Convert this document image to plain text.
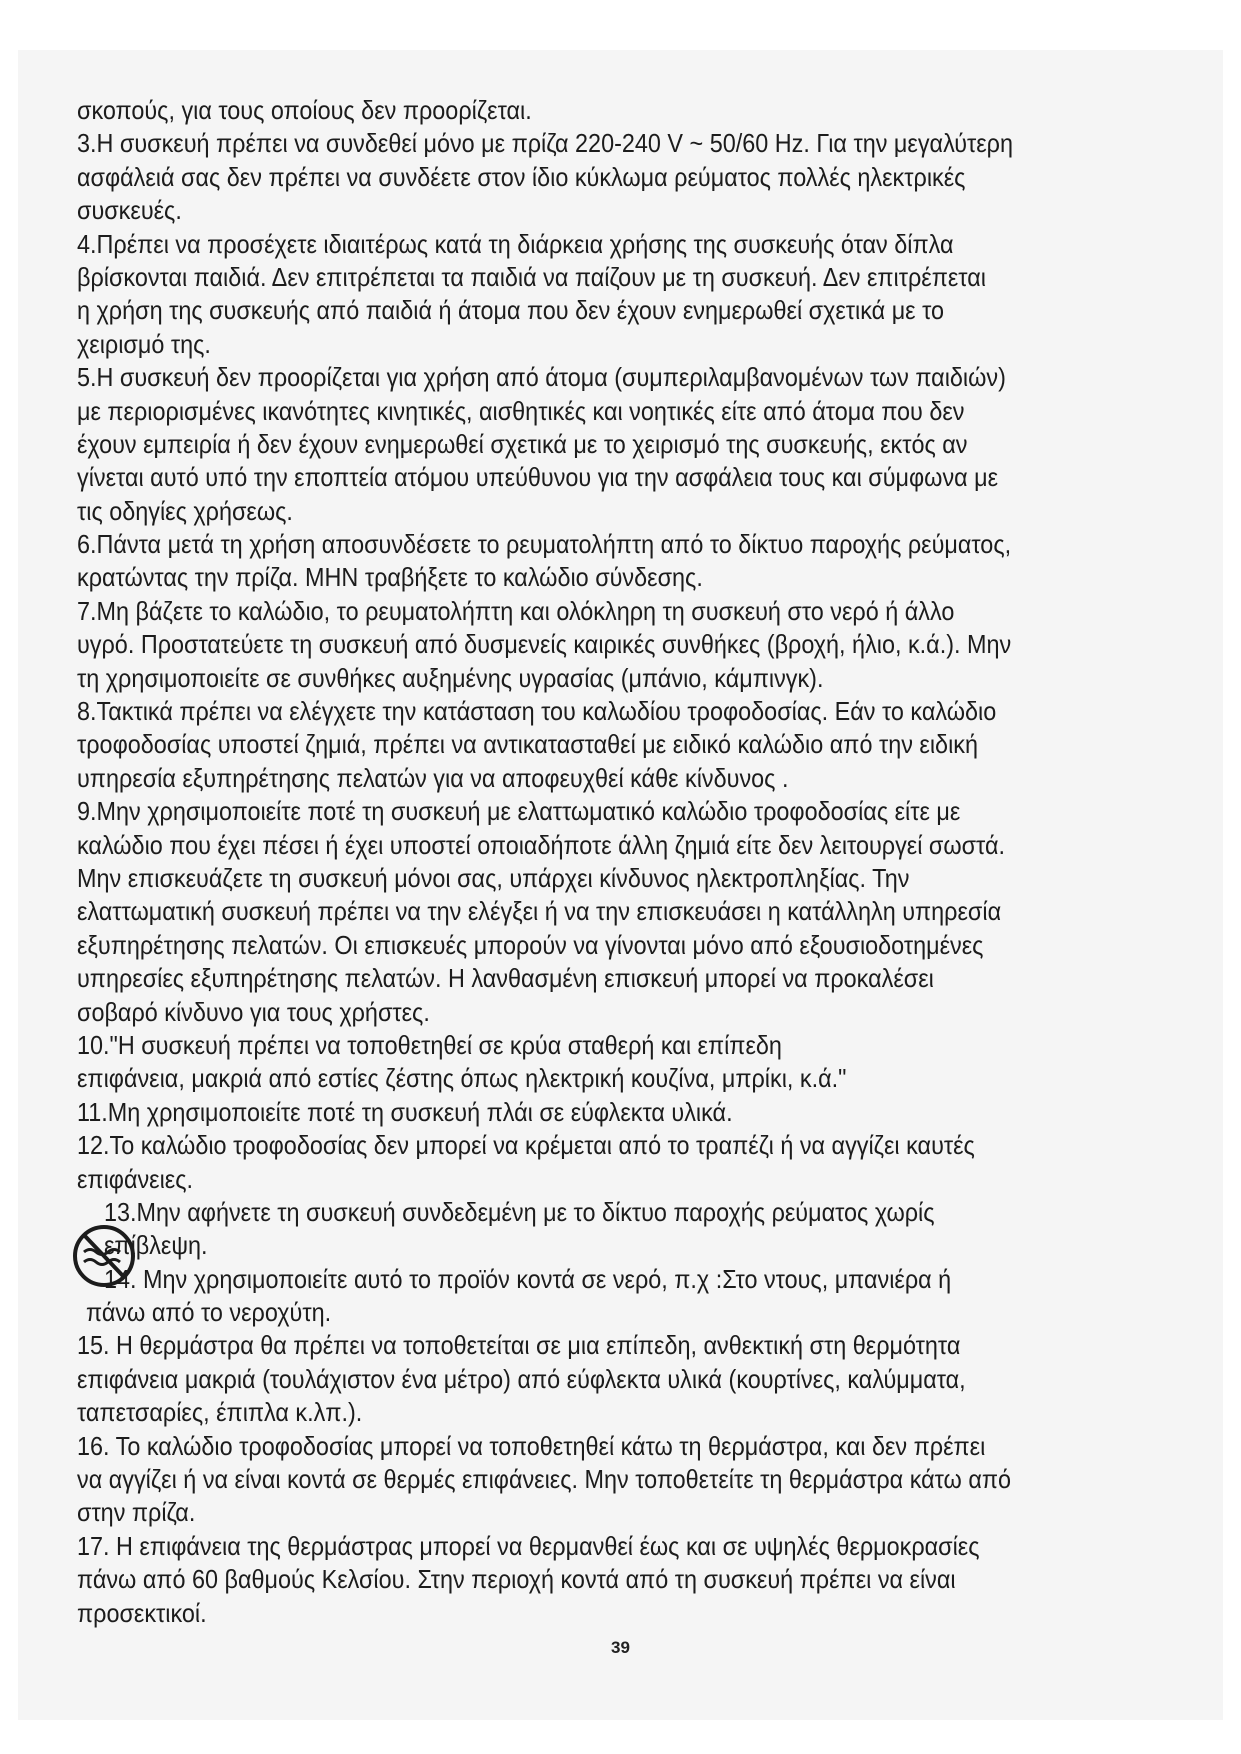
σκοπούς, για τους οποίους δεν προορίζεται.
3.Η συσκευή πρέπει να συνδεθεί μόνο με πρίζα 220-240 V ~ 50/60 Hz. Για την μεγαλύτερη
ασφάλειά σας δεν πρέπει να συνδέετε στον ίδιο κύκλωμα ρεύματος πολλές ηλεκτρικές
συσκευές.
4.Πρέπει να προσέχετε ιδιαιτέρως κατά τη διάρκεια χρήσης της συσκευής όταν δίπλα
βρίσκονται παιδιά. Δεν επιτρέπεται τα παιδιά να παίζουν με τη συσκευή. Δεν επιτρέπεται
η χρήση της συσκευής από παιδιά ή άτομα που δεν έχουν ενημερωθεί σχετικά με το
χειρισμό της.
5.Η συσκευή δεν προορίζεται για χρήση από άτομα (συμπεριλαμβανομένων των παιδιών)
με περιορισμένες ικανότητες κινητικές, αισθητικές και νοητικές είτε από άτομα που δεν
έχουν εμπειρία ή δεν έχουν ενημερωθεί σχετικά με το χειρισμό της συσκευής, εκτός αν
γίνεται αυτό υπό την εποπτεία ατόμου υπεύθυνου για την ασφάλεια τους και σύμφωνα με
τις οδηγίες χρήσεως.
6.Πάντα μετά τη χρήση αποσυνδέσετε το ρευματολήπτη από το δίκτυο παροχής ρεύματος,
κρατώντας την πρίζα. ΜΗΝ τραβήξετε το καλώδιο σύνδεσης.
7.Μη βάζετε το καλώδιο, το ρευματολήπτη και ολόκληρη τη συσκευή στο νερό ή άλλο
υγρό. Προστατεύετε τη συσκευή από δυσμενείς καιρικές συνθήκες (βροχή, ήλιο, κ.ά.). Μην
τη χρησιμοποιείτε σε συνθήκες αυξημένης υγρασίας (μπάνιο, κάμπινγκ).
8.Τακτικά πρέπει να ελέγχετε την κατάσταση του καλωδίου τροφοδοσίας. Εάν το καλώδιο
τροφοδοσίας υποστεί ζημιά, πρέπει να αντικατασταθεί με ειδικό καλώδιο από την ειδική
υπηρεσία εξυπηρέτησης πελατών για να αποφευχθεί κάθε κίνδυνος .
9.Μην χρησιμοποιείτε ποτέ τη συσκευή με ελαττωματικό καλώδιο τροφοδοσίας είτε με
καλώδιο που έχει πέσει ή έχει υποστεί οποιαδήποτε άλλη ζημιά είτε δεν λειτουργεί σωστά.
Μην επισκευάζετε τη συσκευή μόνοι σας, υπάρχει κίνδυνος ηλεκτροπληξίας. Την
ελαττωματική συσκευή πρέπει να την ελέγξει ή να την επισκευάσει η κατάλληλη υπηρεσία
εξυπηρέτησης πελατών. Οι επισκευές μπορούν να γίνονται μόνο από εξουσιοδοτημένες
υπηρεσίες εξυπηρέτησης πελατών. Η λανθασμένη επισκευή μπορεί να προκαλέσει
σοβαρό κίνδυνο για τους χρήστες.
10."Η συσκευή πρέπει να τοποθετηθεί σε κρύα σταθερή και επίπεδη
επιφάνεια, μακριά από εστίες ζέστης όπως ηλεκτρική κουζίνα, μπρίκι, κ.ά."
11.Μη χρησιμοποιείτε ποτέ τη συσκευή πλάι σε εύφλεκτα υλικά.
12.Το καλώδιο τροφοδοσίας δεν μπορεί να κρέμεται από το τραπέζι ή να αγγίζει καυτές
επιφάνειες.
13.Μην αφήνετε τη συσκευή συνδεδεμένη με το δίκτυο παροχής ρεύματος χωρίς
επίβλεψη.
14. Μην χρησιμοποιείτε αυτό το προϊόν κοντά σε νερό, π.χ :Στο ντους, μπανιέρα ή
πάνω από το νεροχύτη.
15. Η θερμάστρα θα πρέπει να τοποθετείται σε μια επίπεδη, ανθεκτική στη θερμότητα
επιφάνεια μακριά (τουλάχιστον ένα μέτρο) από εύφλεκτα υλικά (κουρτίνες, καλύμματα,
ταπετσαρίες, έπιπλα κ.λπ.).
16. Το καλώδιο τροφοδοσίας μπορεί να τοποθετηθεί κάτω τη θερμάστρα, και δεν πρέπει
να αγγίζει ή να είναι κοντά σε θερμές επιφάνειες. Μην τοποθετείτε τη θερμάστρα κάτω από
στην πρίζα.
17. Η επιφάνεια της θερμάστρας μπορεί να θερμανθεί έως και σε υψηλές θερμοκρασίες
πάνω από 60 βαθμούς Κελσίου. Στην περιοχή κοντά από τη συσκευή πρέπει να είναι
προσεκτικοί.
39
